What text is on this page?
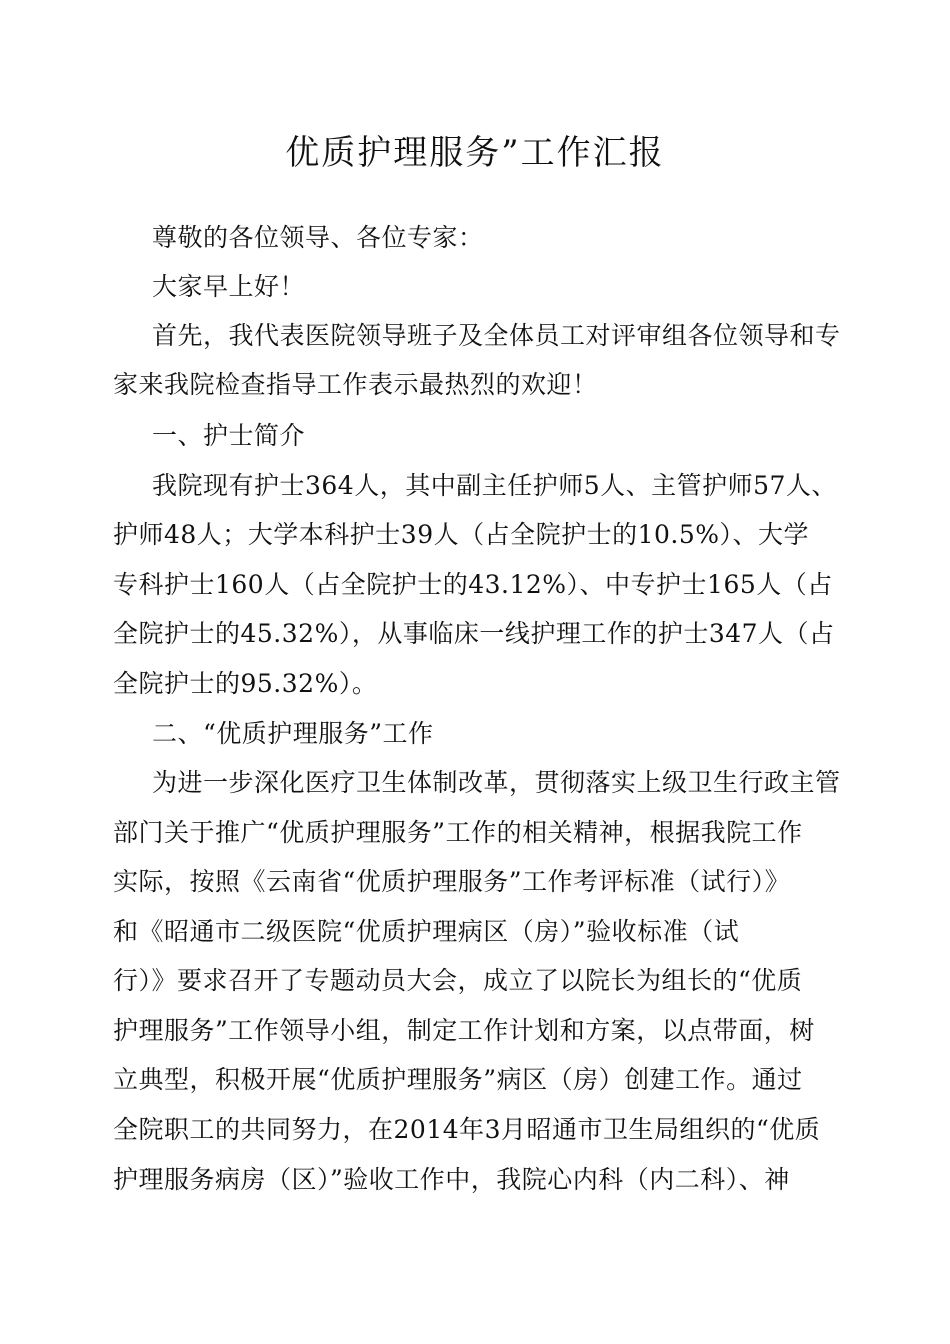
优质护理服务”工作汇报
尊敬的各位领导、各位专家：
大家早上好！
首先，我代表医院领导班子及全体员工对评审组各位领导和专
家来我院检查指导工作表示最热烈的欢迎！
一、护士简介
我院现有护士364人，其中副主任护师5人、主管护师57人、
护师48人；大学本科护士39人（占全院护士的10.5%）、大学
专科护士160人（占全院护士的43.12%）、中专护士165人（占
全院护士的45.32%），从事临床一线护理工作的护士347人（占
全院护士的95.32%）。
二、“优质护理服务”工作
为进一步深化医疗卫生体制改革，贯彻落实上级卫生行政主管
部门关于推广“优质护理服务”工作的相关精神，根据我院工作
实际，按照《云南省“优质护理服务”工作考评标准（试行）》
和《昭通市二级医院“优质护理病区（房）”验收标准（试
行）》要求召开了专题动员大会，成立了以院长为组长的“优质
护理服务”工作领导小组，制定工作计划和方案，以点带面，树
立典型，积极开展“优质护理服务”病区（房）创建工作。通过
全院职工的共同努力，在2014年3月昭通市卫生局组织的“优质
护理服务病房（区）”验收工作中，我院心内科（内二科）、神
